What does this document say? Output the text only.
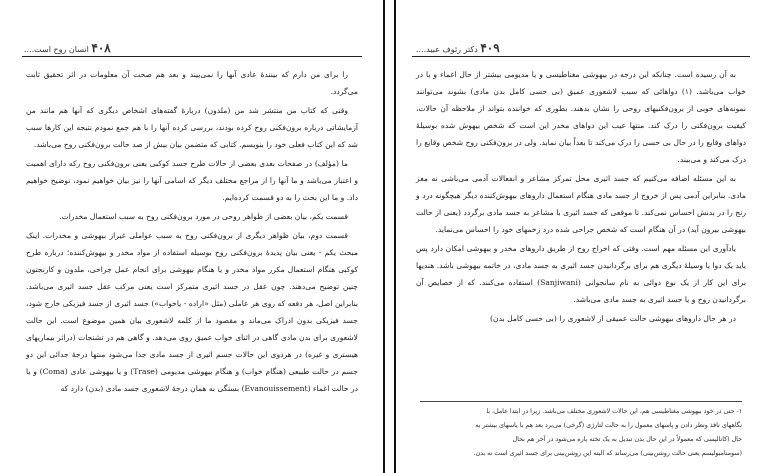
۴۰۸ انسان روح است....

را برای من دارم که بینندهٔ عادی آنها را نمی‌بیند و بعد هم صحت آن معلومات در اثر تحقیق ثابت می‌گردد.

وقتی که کتاب من منتشر شد من (ملدون) دربارهٔ گفته‌های اشخاص دیگری که آنها هم مانند من آزمایشاتی درباره برون‌فکنی روح کرده بودند، بررسی کرده آنها را با هم جمع نمودم نتیجه این کارها سبب شد که این کتاب فعلی خود را بنویسم. کتابی که متضمن بیان بیش از صد حالت برون‌فکنی روح می‌باشد.

ما (مؤلف) در صفحات بعدی بعضی از حالات طرح جسد کوکبی یعنی برون‌فکنی روح رکه دارای اهمیت و اعتبار می‌باشد و ما آنها را از مراجع مختلف دیگر که اسامی آنها را نیز بیان خواهیم نمود، توضیح خواهیم داد. و ما این بحث را به دو قسمت کرده‌ایم.

قسمت یکم، بیان بعضی از ظواهر روحی در مورد برون‌فکنی روح به سبب استعمال مخدرات.

قسمت دوم، بیان ظواهر دیگری از برون‌فکنی روح به سبب عواملی غیراز بیهوشی و مخدرات. اینک مبحث یکم - یعنی بیان پدیدهٔ برون‌فکنی روح بوسیله استفاده از مواد مخدر و بیهوش‌کننده؛ درباره طرح کوکبی هنگام استعمال مکرر مواد مخدر و یا هنگام بیهوشی برای انجام عمل جراحی، ملدون و کارنجتون چنین توضیح می‌دهند. چون عقل در جسد اثیری متمرکز است یعنی مرکب عقل جسد اثیری می‌باشد. بنابراین اصل، هر دفعه که روی هر عاملی (مثل «اراده - یاخواب») جسد اثیری از جسد فیزیکی خارج شود، جسد فیزیکی بدون ادراک می‌ماند و مقصود ما از کلمه لاشعوری بیان همین موضوع است. این حالت لاشعوری برای بدن مادی گاهی در اثنای خواب عمیق روی می‌دهد. و گاهی هم در تشنجات (دراثر بیماریهای هیستری و غیره) در هردوی این حالات جسم اثیری از جسد مادی جدا می‌شود منتها درجهٔ جدائی این دو جسم در حالت طبیعی (هنگام خواب) و هنگام بیهوشی مدیومی (Trase) و یا بیهوشی عادی (Coma) و یا در حالت اغماء (Evanouissement) بستگی به همان درجهٔ لاشعوری جسد مادی (بدن) دارد که

۴۰۹ دکتر رئوف عبید....

به آن رسیده است. چنانکه این درجه در بیهوشی مغناطیسی و یا مدیومی بیشتر از حال اغماء و یا در خواب می‌باشد. (۱) دواهائی که سبب لاشعوری عمیق (بی حسی کامل بدن مادی) بشوند می‌توانند نمونه‌های خوبی از برون‌فکنیهای روحی را نشان بدهند. بطوری که خواننده بتواند از ملاحظه آن حالات، کیفیت برون‌فکنی را درک کند. منتها عیب این دواهای مخدر این است که شخص بیهوش شده بوسیلهٔ دواهای وقایع را در حال بی حسی را درک می‌کند تا بعداً بیان نماید. ولی در برون‌فکنی روح شخص وقایع را درک می‌کند و می‌بیند.

به این مسئله اضافه می‌کنیم که جسد اثیری محل تمرکز مشاعر و انفعالات آدمی می‌باشی نه مغز مادی. بنابراین آدمی پس از خروج از جسد مادی هنگام استعمال داروهای بیهوش‌کننده دیگر هیچگونه درد و رنج را در بدنش احساس نمی‌کند. تا موقعی که جسد اثیری با مشاعر به جسد مادی برگردد (یعنی از حالت بیهوشی بیرون آید) در آن هنگام است که شخص جراحی شده درد زخمهای خود را احساس می‌نماید.

یادآوری این مسئله مهم است. وقتی که اخراج روح از طریق داروهای مخدر و بیهوشی امکان دارد پس باید یک دوا یا وسیلهٔ دیگری هم برای برگردانیدن جسد اثیری به جسد مادی، در خاتمه بیهوشی باشد. هندیها برای این کار از یک نوع دوائی به نام سانجوانی (Sanjiwani) استفاده می‌کنند. که از خصایص آن برگردانیدن روح و یا جسد اثیری به جسد مادی می‌باشد.

در هر حال داروهای بیهوشی حالت عمیقی از لاشعوری را (بی حسی کامل بدن)

۱- حتی در خود بیهوشی مغناطیسی هم، این حالات لاشعوری مختلف می‌باشد. زیرا در ابتدا عامل، با

نگاههای نافذ ونظر دادن و پاسهای معمول را به حالت لتارژی (گرخی) می‌برد بعد هم با پاسهای بیشتر به

حال (کاتالپسی که معمولاً در این حال بدن تبدیل به یک تخته پاره می‌شود در آخر هم بحال

(سومنامبولیسم یعنی حالت روشن‌بینی) می‌رساند که البته این روشن‌بینی برای جسد اثیری است نه بدن.
